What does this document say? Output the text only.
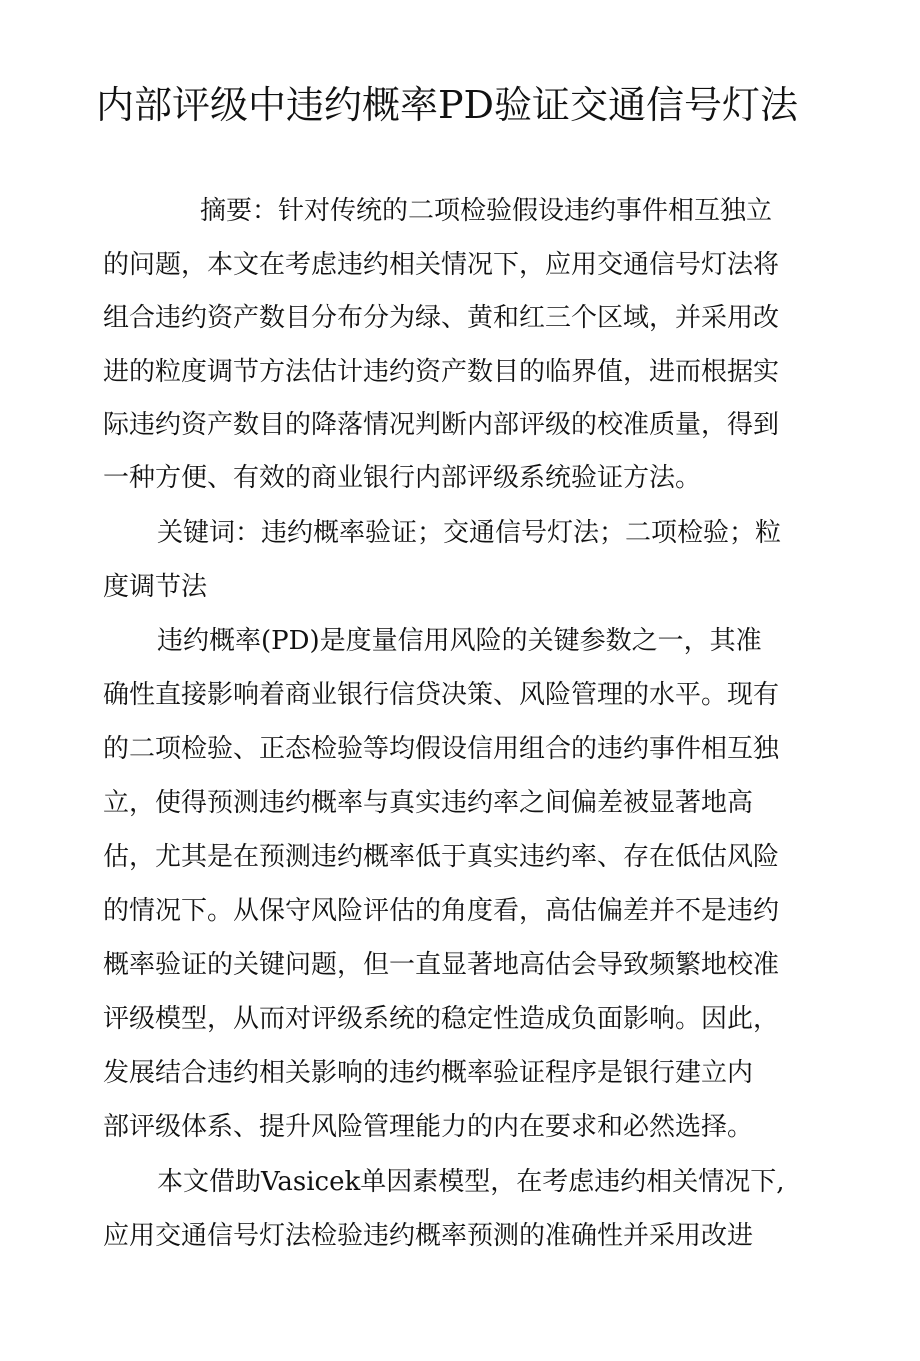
内部评级中违约概率PD验证交通信号灯法
摘要：针对传统的二项检验假设违约事件相互独立
的问题，本文在考虑违约相关情况下，应用交通信号灯法将
组合违约资产数目分布分为绿、黄和红三个区域，并采用改
进的粒度调节方法估计违约资产数目的临界值，进而根据实
际违约资产数目的降落情况判断内部评级的校准质量，得到
一种方便、有效的商业银行内部评级系统验证方法。
关键词：违约概率验证；交通信号灯法；二项检验；粒
度调节法
违约概率(PD)是度量信用风险的关键参数之一，其准
确性直接影响着商业银行信贷决策、风险管理的水平。现有
的二项检验、正态检验等均假设信用组合的违约事件相互独
立，使得预测违约概率与真实违约率之间偏差被显著地高
估，尤其是在预测违约概率低于真实违约率、存在低估风险
的情况下。从保守风险评估的角度看，高估偏差并不是违约
概率验证的关键问题，但一直显著地高估会导致频繁地校准
评级模型，从而对评级系统的稳定性造成负面影响。因此，
发展结合违约相关影响的违约概率验证程序是银行建立内
部评级体系、提升风险管理能力的内在要求和必然选择。
本文借助Vasicek单因素模型，在考虑违约相关情况下,
应用交通信号灯法检验违约概率预测的准确性并采用改进
